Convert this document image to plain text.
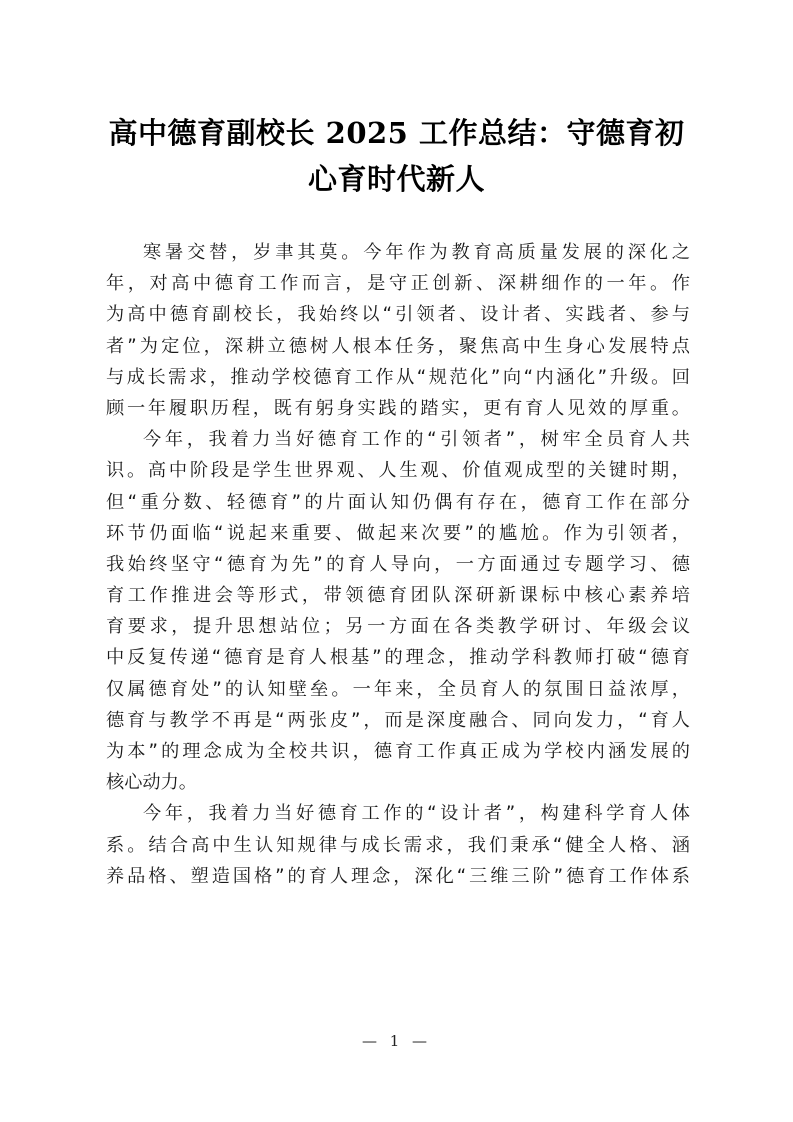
高中德育副校长 2025 工作总结：守德育初
心育时代新人
寒暑交替，岁聿其莫。今年作为教育高质量发展的深化之
年，对高中德育工作而言，是守正创新、深耕细作的一年。作
为高中德育副校长，我始终以“引领者、设计者、实践者、参与
者”为定位，深耕立德树人根本任务，聚焦高中生身心发展特点
与成长需求，推动学校德育工作从“规范化”向“内涵化”升级。回
顾一年履职历程，既有躬身实践的踏实，更有育人见效的厚重。
今年，我着力当好德育工作的“引领者”，树牢全员育人共
识。高中阶段是学生世界观、人生观、价值观成型的关键时期，
但“重分数、轻德育”的片面认知仍偶有存在，德育工作在部分
环节仍面临“说起来重要、做起来次要”的尴尬。作为引领者，
我始终坚守“德育为先”的育人导向，一方面通过专题学习、德
育工作推进会等形式，带领德育团队深研新课标中核心素养培
育要求，提升思想站位；另一方面在各类教学研讨、年级会议
中反复传递“德育是育人根基”的理念，推动学科教师打破“德育
仅属德育处”的认知壁垒。一年来，全员育人的氛围日益浓厚，
德育与教学不再是“两张皮”，而是深度融合、同向发力，“育人
为本”的理念成为全校共识，德育工作真正成为学校内涵发展的
核心动力。
今年，我着力当好德育工作的“设计者”，构建科学育人体
系。结合高中生认知规律与成长需求，我们秉承“健全人格、涵
养品格、塑造国格”的育人理念，深化“三维三阶”德育工作体系
— 1 —
